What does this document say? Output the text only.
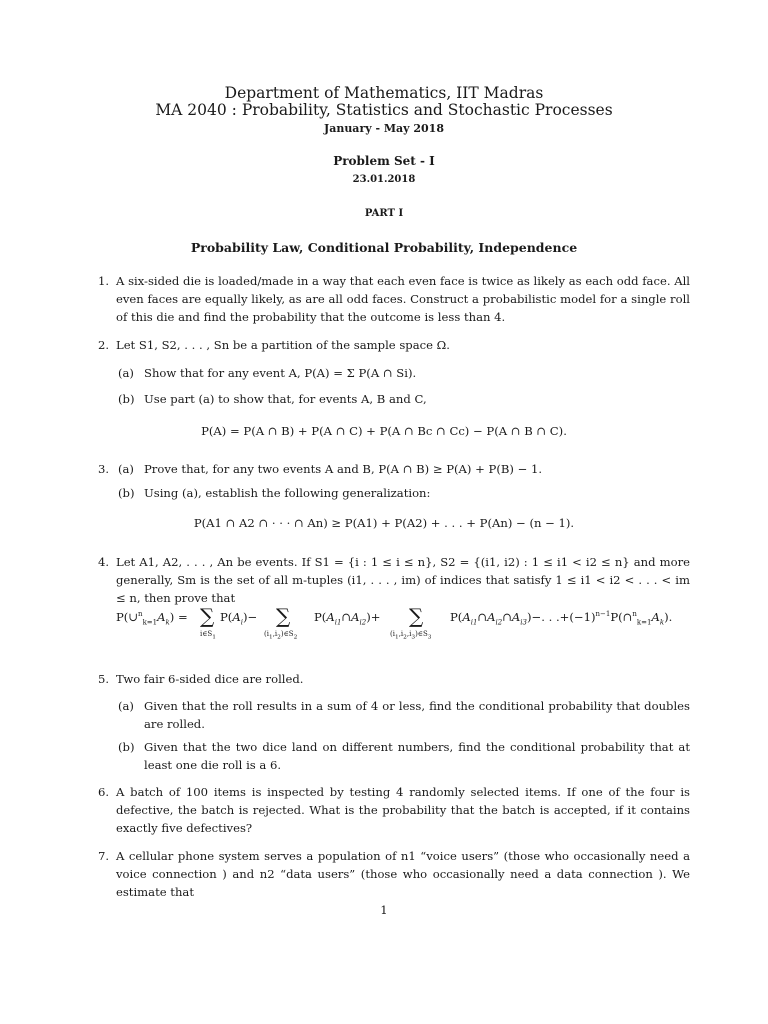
Department of Mathematics, IIT Madras
MA 2040 : Probability, Statistics and Stochastic Processes
January - May 2018
Problem Set - I
23.01.2018
PART I
Probability Law, Conditional Probability, Independence
1. A six-sided die is loaded/made in a way that each even face is twice as likely as each odd face. All even faces are equally likely, as are all odd faces. Construct a probabilistic model for a single roll of this die and find the probability that the outcome is less than 4.
2. Let S1, S2, . . . , Sn be a partition of the sample space Ω.
(a) Show that for any event A, P(A) = Σ P(A ∩ Si).
(b) Use part (a) to show that, for events A, B and C,
P(A) = P(A ∩ B) + P(A ∩ C) + P(A ∩ Bc ∩ Cc) − P(A ∩ B ∩ C).
3. (a) Prove that, for any two events A and B, P(A ∩ B) ≥ P(A) + P(B) − 1.
(b) Using (a), establish the following generalization:
P(A1 ∩ A2 ∩ · · · ∩ An) ≥ P(A1) + P(A2) + . . . + P(An) − (n − 1).
4. Let A1, A2, . . . , An be events. If S1 = {i : 1 ≤ i ≤ n}, S2 = {(i1, i2) : 1 ≤ i1 < i2 ≤ n} and more generally, Sm is the set of all m-tuples (i1, . . . , im) of indices that satisfy 1 ≤ i1 < i2 < . . . < im ≤ n, then prove that
$P(\cup^n_{k=1}A_k)$ = ∑
$i\in S_1$
$P(A_i)-$ ∑
$(i_1,i_2)\in S_2$
$P(A_{i1}\cap A_{i2})+$ ∑
$(i_1,i_2,i_3)\in S_3$
$P(A_{i1}\cap A_{i2}\cap A_{i3})-$. . $.+(-1)^{n-1}P(\cap^n_{k=1}A_k)$.
5. Two fair 6-sided dice are rolled.
(a) Given that the roll results in a sum of 4 or less, find the conditional probability that doubles are rolled.
(b) Given that the two dice land on different numbers, find the conditional probability that at least one die roll is a 6.
6. A batch of 100 items is inspected by testing 4 randomly selected items. If one of the four is defective, the batch is rejected. What is the probability that the batch is accepted, if it contains exactly five defectives?
7. A cellular phone system serves a population of n1 “voice users” (those who occasionally need a voice connection ) and n2 “data users” (those who occasionally need a data connection ). We estimate that
1
